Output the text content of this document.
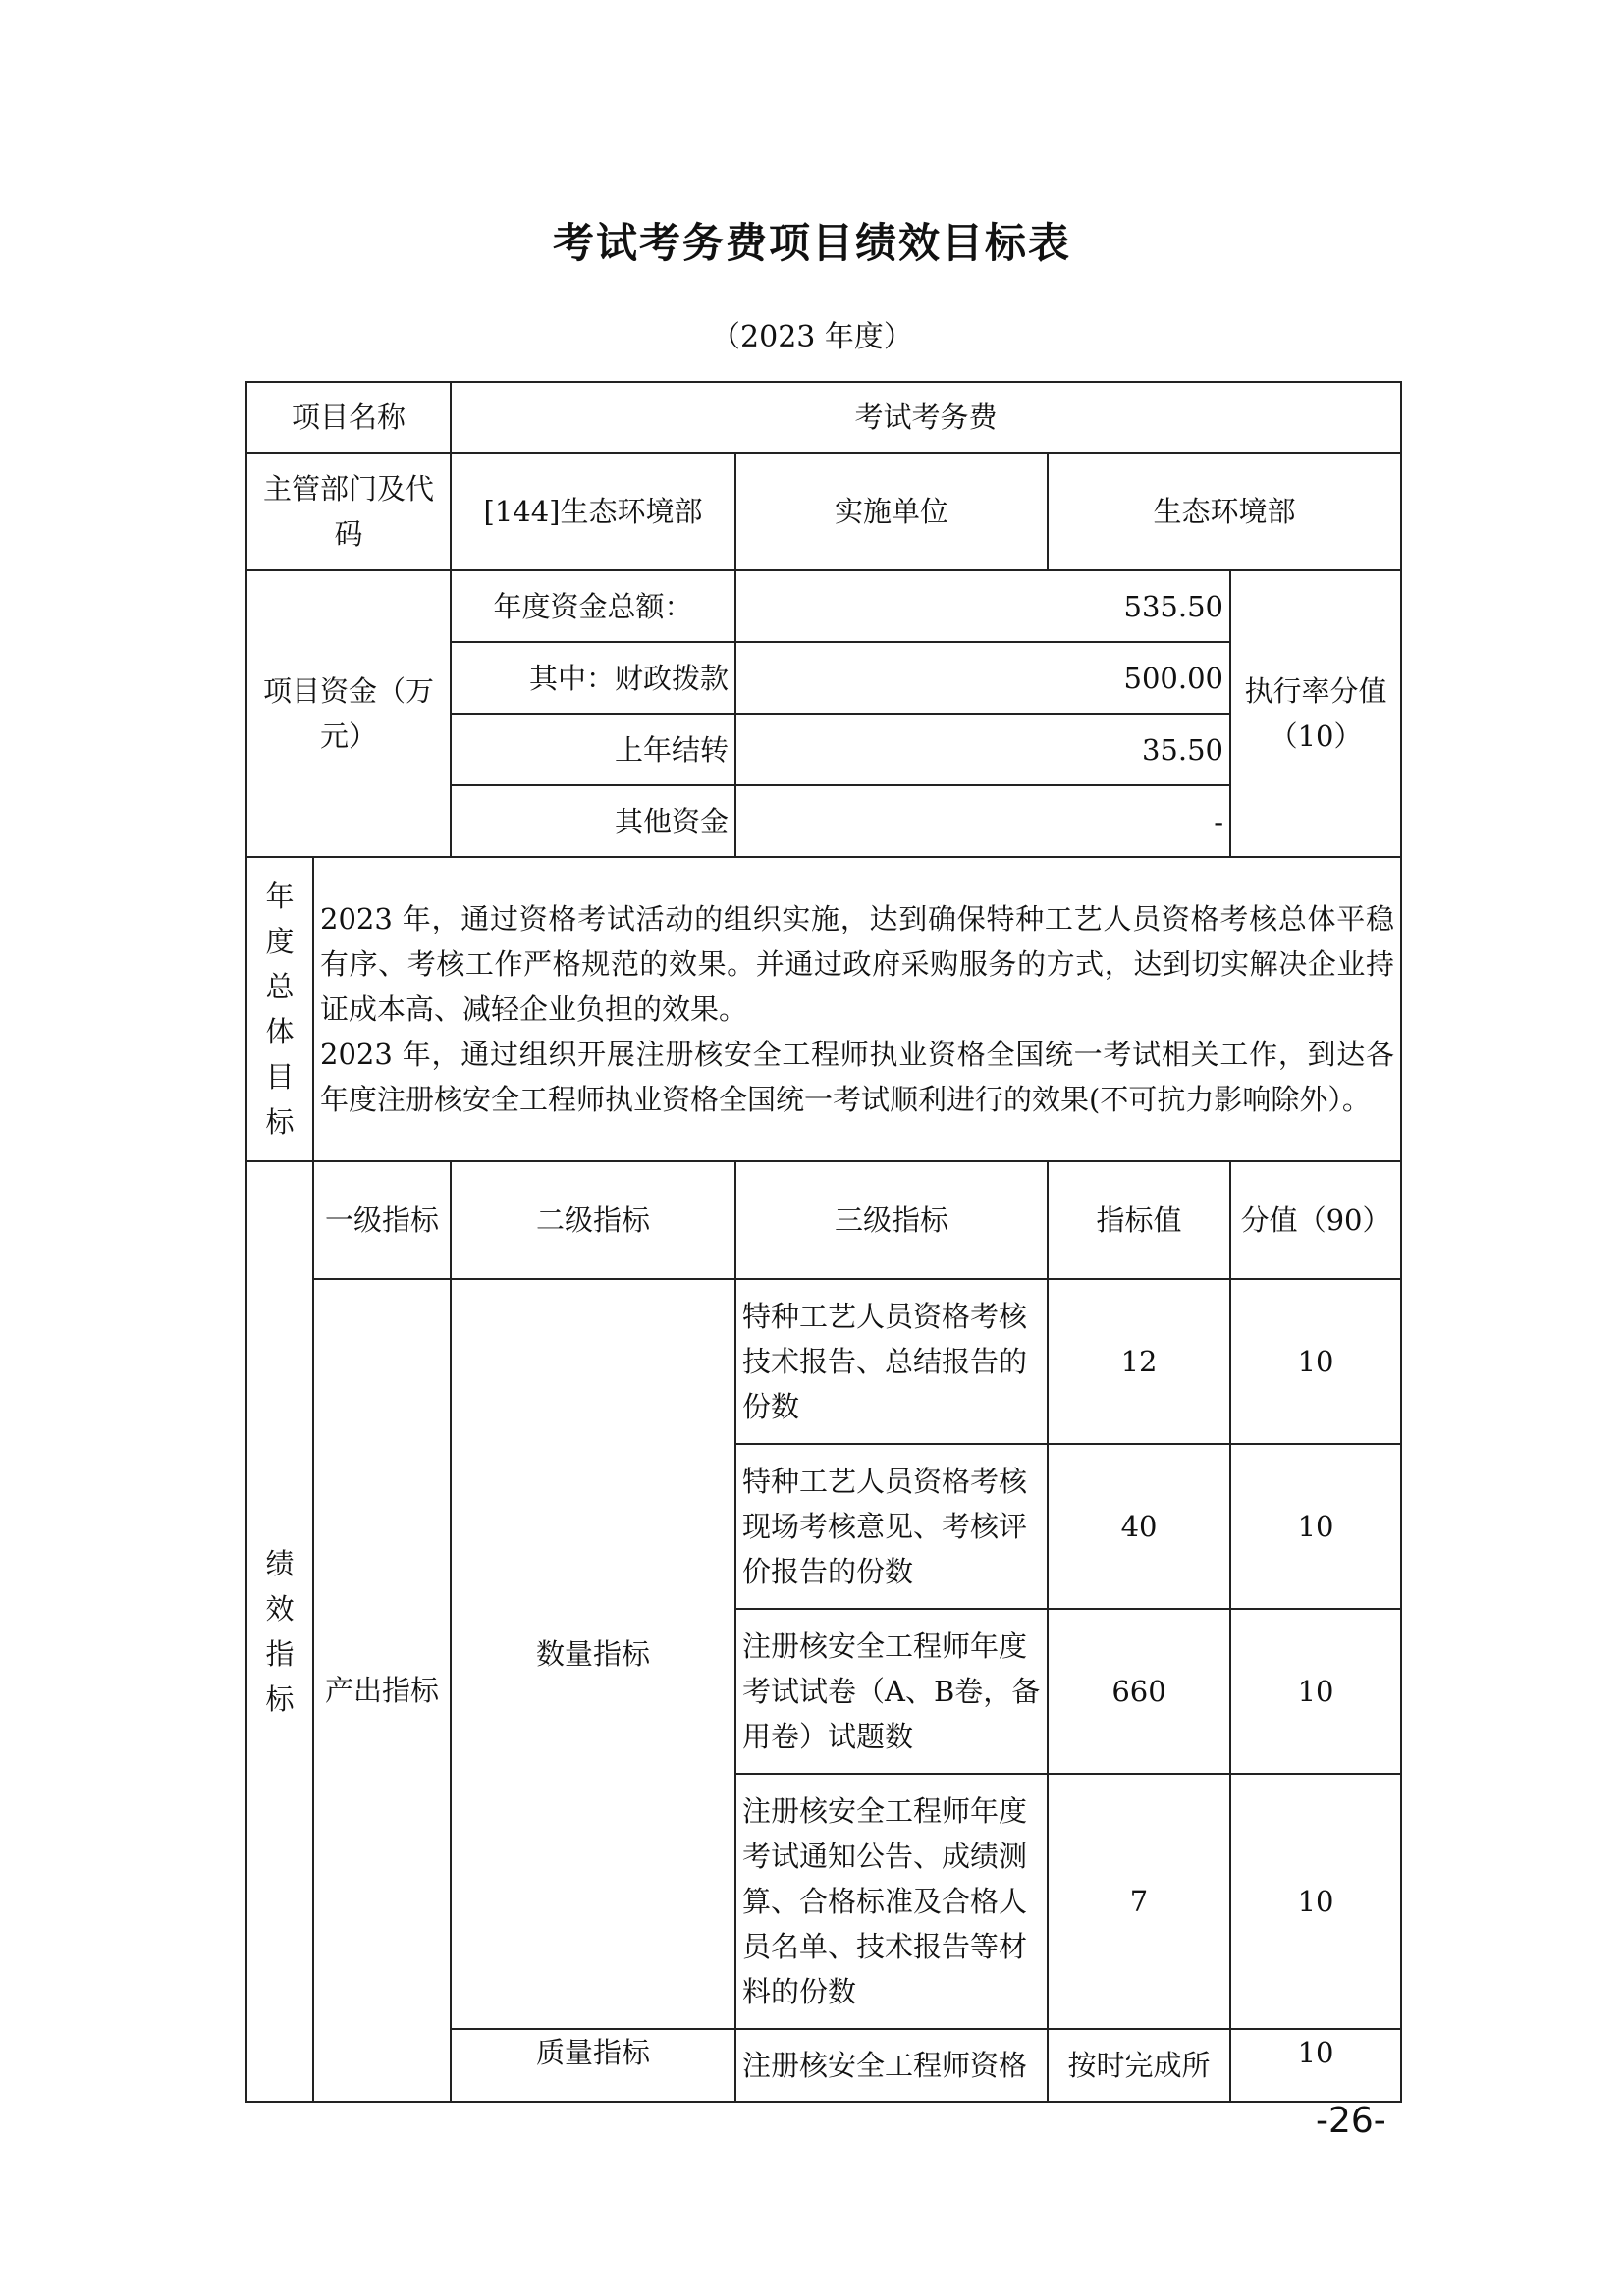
考试考务费项目绩效目标表
（2023 年度）
项目名称		考试考务费			
主管部门及代码		[144]生态环境部	实施单位	生态环境部	
项目资金（万元）		年度资金总额：	535.50		执行率分值（10）
		其中：财政拨款	500.00		
		上年结转	35.50		
		其他资金	-		
年度总体目标	2023 年，通过资格考试活动的组织实施，达到确保特种工艺人员资格考核总体平稳有序、考核工作严格规范的效果。并通过政府采购服务的方式，达到切实解决企业持证成本高、减轻企业负担的效果。
2023 年，通过组织开展注册核安全工程师执业资格全国统一考试相关工作，到达各年度注册核安全工程师执业资格全国统一考试顺利进行的效果(不可抗力影响除外）。				

绩效指标	一级指标	二级指标	三级指标	指标值	分值（90）
	产出指标	数量指标	特种工艺人员资格考核技术报告、总结报告的份数	12	10
			特种工艺人员资格考核现场考核意见、考核评价报告的份数	40	10
			注册核安全工程师年度考试试卷（A、B卷，备用卷）试题数	660	10
			注册核安全工程师年度考试通知公告、成绩测算、合格标准及合格人员名单、技术报告等材料的份数	7	10
		质量指标	注册核安全工程师资格	按时完成所	10
-26-
